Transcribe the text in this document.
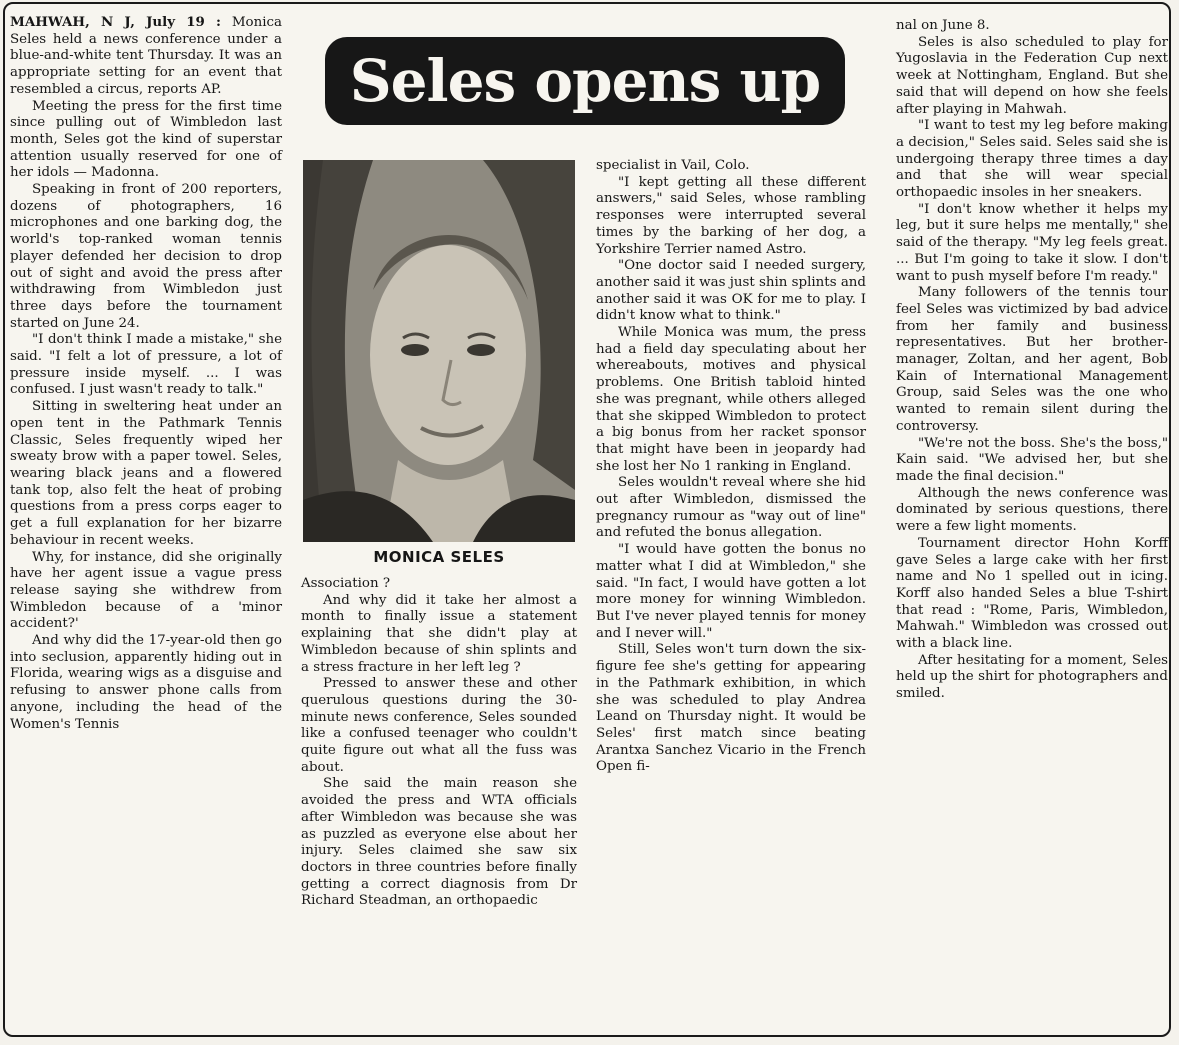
Seles opens up
MONICA SELES

MAHWAH, N J, July 19 : Monica Seles held a news conference under a blue-and-white tent Thursday. It was an appropriate setting for an event that resembled a circus, reports AP.

Meeting the press for the first time since pulling out of Wimbledon last month, Seles got the kind of superstar attention usually reserved for one of her idols — Madonna.

Speaking in front of 200 reporters, dozens of photographers, 16 microphones and one barking dog, the world's top-ranked woman tennis player defended her decision to drop out of sight and avoid the press after withdrawing from Wimbledon just three days before the tournament started on June 24.

"I don't think I made a mistake," she said. "I felt a lot of pressure, a lot of pressure inside myself. ... I was confused. I just wasn't ready to talk."

Sitting in sweltering heat under an open tent in the Pathmark Tennis Classic, Seles frequently wiped her sweaty brow with a paper towel. Seles, wearing black jeans and a flowered tank top, also felt the heat of probing questions from a press corps eager to get a full explanation for her bizarre behaviour in recent weeks.

Why, for instance, did she originally have her agent issue a vague press release saying she withdrew from Wimbledon because of a 'minor accident?'

And why did the 17-year-old then go into seclusion, apparently hiding out in Florida, wearing wigs as a disguise and refusing to answer phone calls from anyone, including the head of the Women's Tennis

Association ?

And why did it take her almost a month to finally issue a statement explaining that she didn't play at Wimbledon because of shin splints and a stress fracture in her left leg ?

Pressed to answer these and other querulous questions during the 30-minute news conference, Seles sounded like a confused teenager who couldn't quite figure out what all the fuss was about.

She said the main reason she avoided the press and WTA officials after Wimbledon was because she was as puzzled as everyone else about her injury. Seles claimed she saw six doctors in three countries before finally getting a correct diagnosis from Dr Richard Steadman, an orthopaedic

specialist in Vail, Colo.

"I kept getting all these different answers," said Seles, whose rambling responses were interrupted several times by the barking of her dog, a Yorkshire Terrier named Astro.

"One doctor said I needed surgery, another said it was just shin splints and another said it was OK for me to play. I didn't know what to think."

While Monica was mum, the press had a field day speculating about her whereabouts, motives and physical problems. One British tabloid hinted she was pregnant, while others alleged that she skipped Wimbledon to protect a big bonus from her racket sponsor that might have been in jeopardy had she lost her No 1 ranking in England.

Seles wouldn't reveal where she hid out after Wimbledon, dismissed the pregnancy rumour as "way out of line" and refuted the bonus allegation.

"I would have gotten the bonus no matter what I did at Wimbledon," she said. "In fact, I would have gotten a lot more money for winning Wimbledon. But I've never played tennis for money and I never will."

Still, Seles won't turn down the six-figure fee she's getting for appearing in the Pathmark exhibition, in which she was scheduled to play Andrea Leand on Thursday night. It would be Seles' first match since beating Arantxa Sanchez Vicario in the French Open fi-

nal on June 8.

Seles is also scheduled to play for Yugoslavia in the Federation Cup next week at Nottingham, England. But she said that will depend on how she feels after playing in Mahwah.

"I want to test my leg before making a decision," Seles said. Seles said she is undergoing therapy three times a day and that she will wear special orthopaedic insoles in her sneakers.

"I don't know whether it helps my leg, but it sure helps me mentally," she said of the therapy. "My leg feels great. ... But I'm going to take it slow. I don't want to push myself before I'm ready."

Many followers of the tennis tour feel Seles was victimized by bad advice from her family and business representatives. But her brother-manager, Zoltan, and her agent, Bob Kain of International Management Group, said Seles was the one who wanted to remain silent during the controversy.

"We're not the boss. She's the boss," Kain said. "We advised her, but she made the final decision."

Although the news conference was dominated by serious questions, there were a few light moments.

Tournament director Hohn Korff gave Seles a large cake with her first name and No 1 spelled out in icing. Korff also handed Seles a blue T-shirt that read : "Rome, Paris, Wimbledon, Mahwah." Wimbledon was crossed out with a black line.

After hesitating for a moment, Seles held up the shirt for photographers and smiled.
